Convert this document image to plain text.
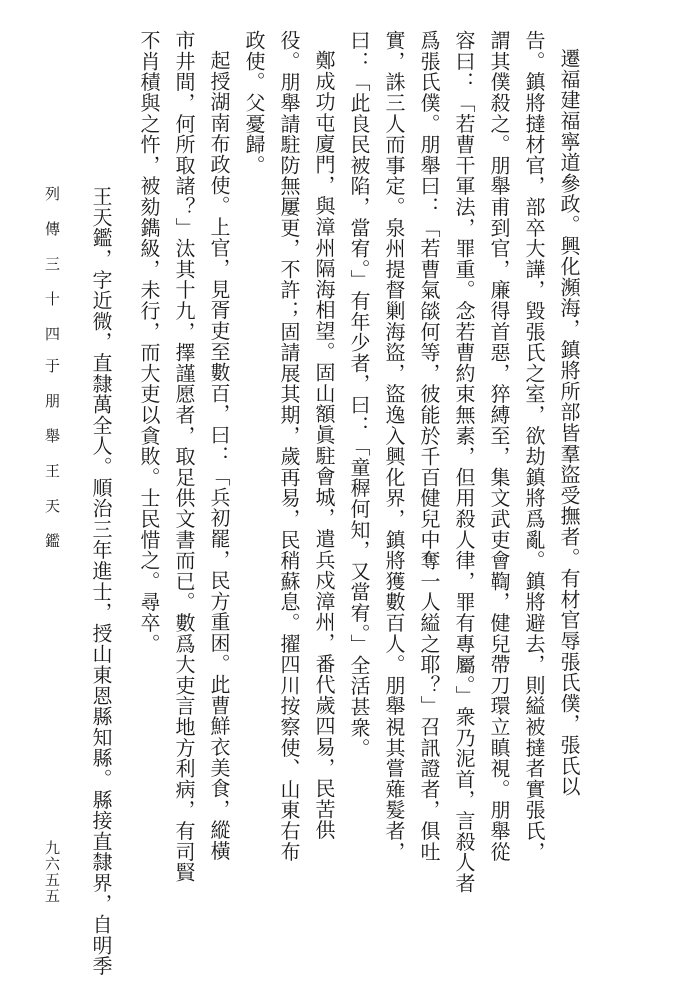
遷福建福寧道參政。興化瀕海，鎮將所部皆羣盜受撫者。有材官辱張氏僕，張氏以
告。鎮將撻材官，部卒大譁，毀張氏之室，欲劫鎮將爲亂。鎮將避去，則縊被撻者實張氏，
謂其僕殺之。朋舉甫到官，廉得首惡，猝縛至，集文武吏會鞫，健兒帶刀環立瞋視。朋舉從
容曰：「若曹干軍法，罪重。念若曹約束無素，但用殺人律，罪有專屬。」衆乃泥首，言殺人者
爲張氏僕。朋舉曰：「若曹氣燄何等，彼能於千百健兒中奪一人縊之耶？」召訊證者，俱吐
實，誅三人而事定。泉州提督剿海盜，盜逸入興化界，鎮將獲數百人。朋舉視其嘗薙髮者，
曰：「此良民被陷，當宥。」有年少者，曰：「童稺何知，又當宥。」全活甚衆。
鄭成功屯廈門，與漳州隔海相望。固山額眞駐會城，遣兵戍漳州，番代歲四易，民苦供
役。朋舉請駐防無屢更，不許；固請展其期，歲再易，民稍蘇息。擢四川按察使、山東右布
政使。父憂歸。
起授湖南布政使。上官，見胥吏至數百，曰：「兵初罷，民方重困。此曹鮮衣美食，縱橫
市井間，何所取諸？」汰其十九，擇謹愿者，取足供文書而已。數爲大吏言地方利病，有司賢
不肖積與之忤，被劾鐫級，未行，而大吏以貪敗。士民惜之。尋卒。
王天鑑，字近微，直隸萬全人。順治三年進士，授山東恩縣知縣。縣接直隸界，自明季
列 傳 三 十 四　于 朋 舉 王 天 鑑
九六五五
